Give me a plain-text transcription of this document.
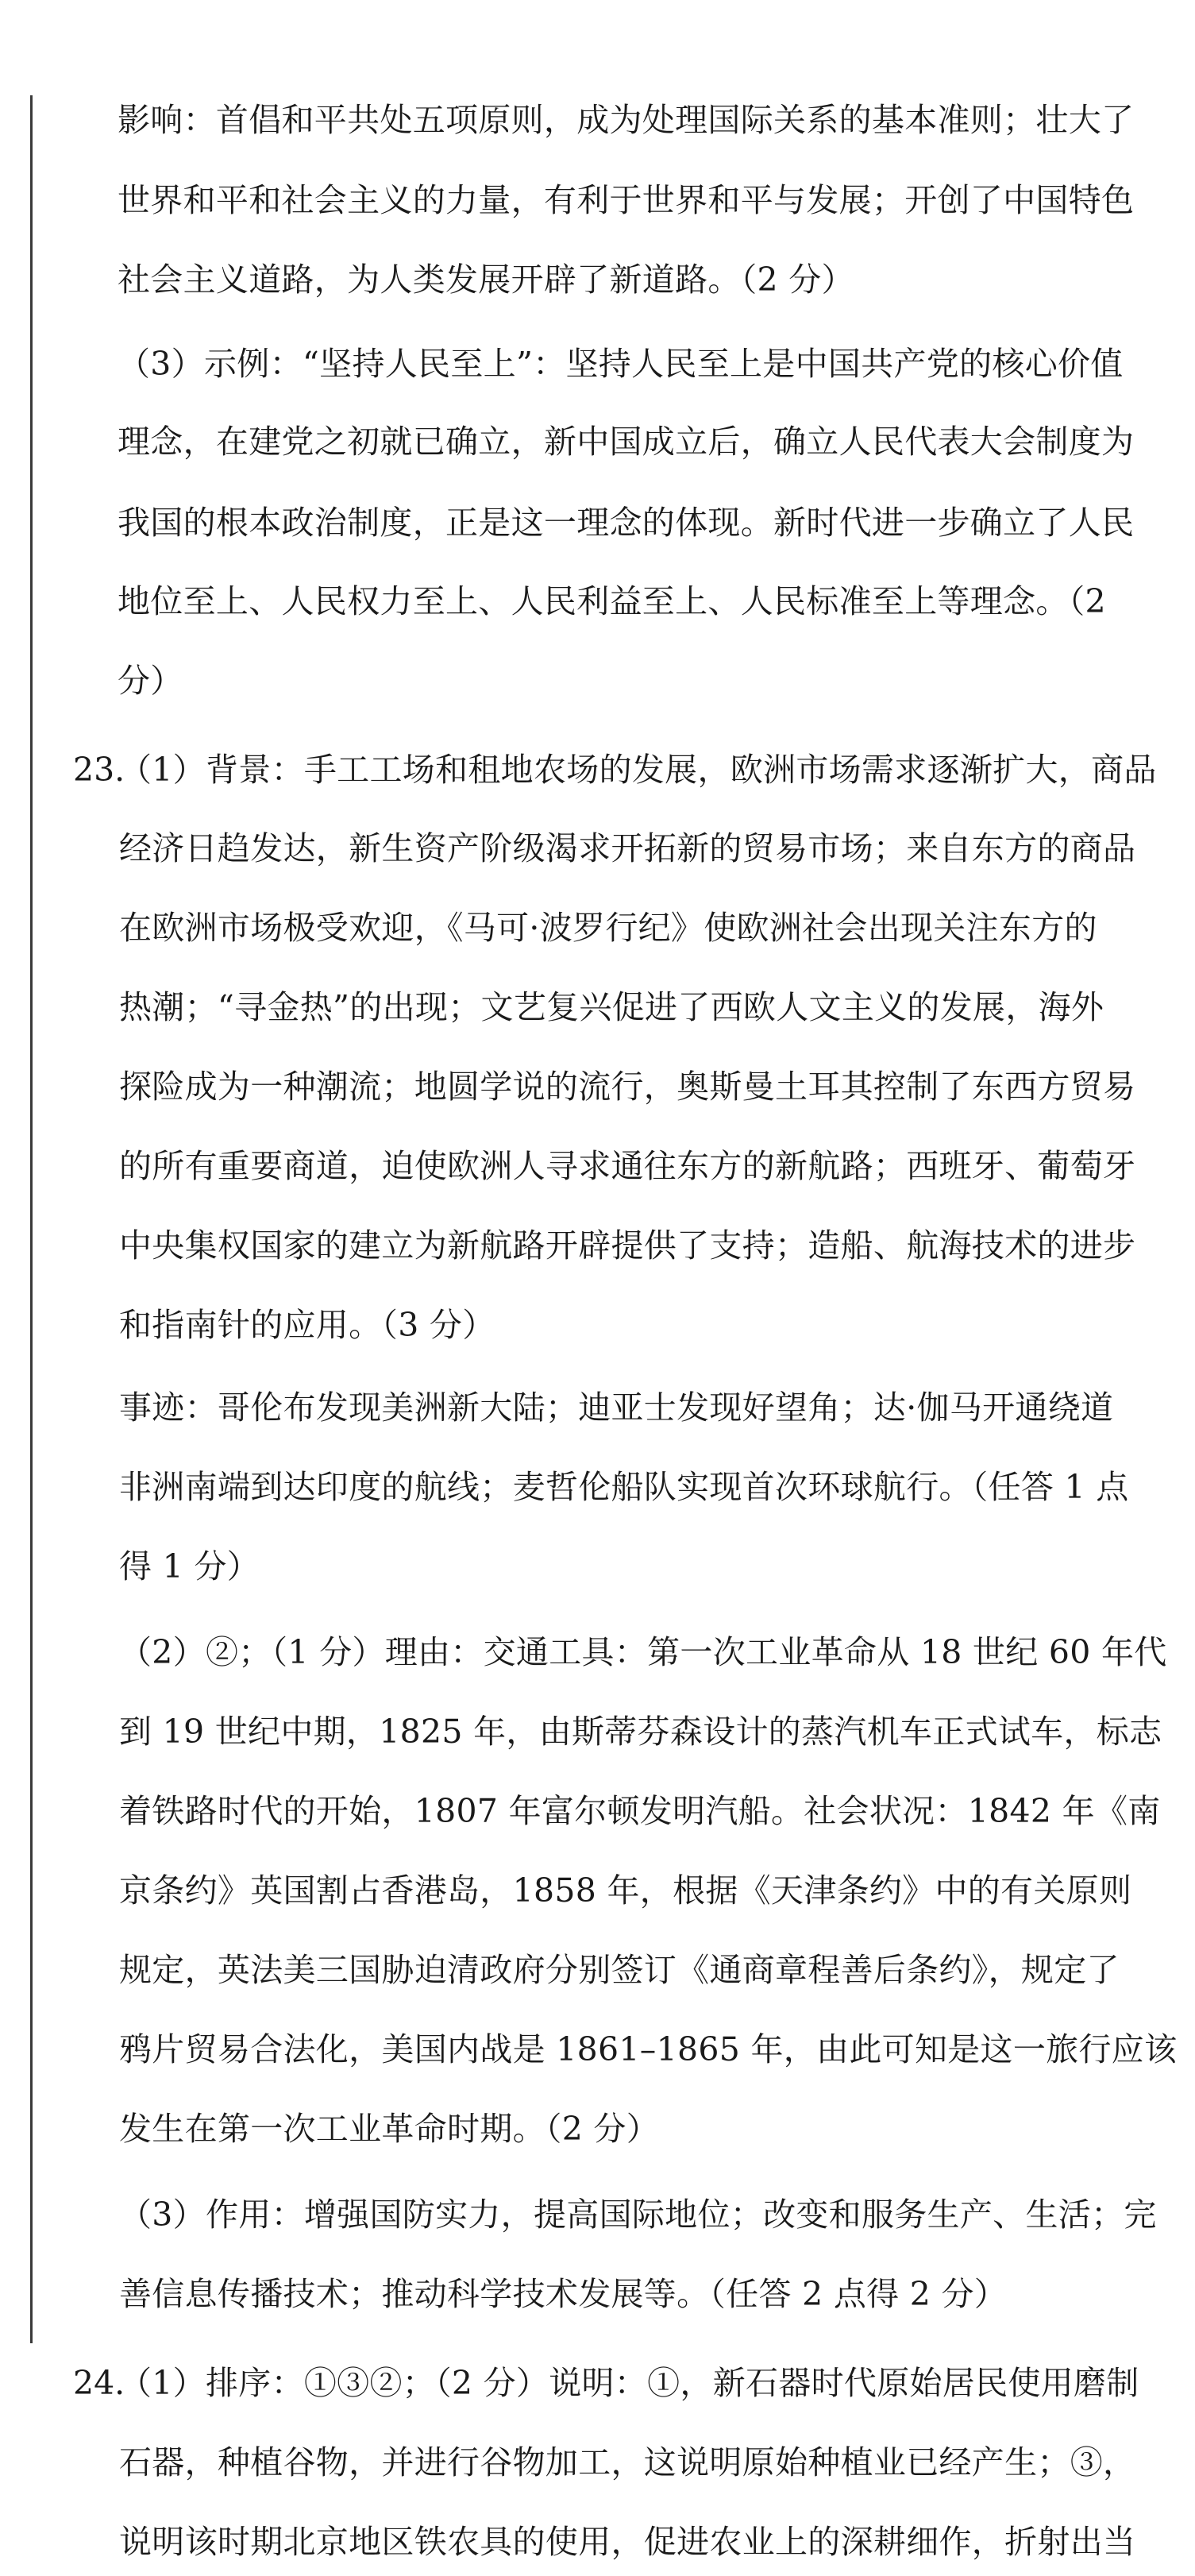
影响：首倡和平共处五项原则，成为处理国际关系的基本准则；壮大了
世界和平和社会主义的力量，有利于世界和平与发展；开创了中国特色
社会主义道路，为人类发展开辟了新道路。（2 分）
（3）示例：“坚持人民至上”：坚持人民至上是中国共产党的核心价值
理念，在建党之初就已确立，新中国成立后，确立人民代表大会制度为
我国的根本政治制度，正是这一理念的体现。新时代进一步确立了人民
地位至上、人民权力至上、人民利益至上、人民标准至上等理念。（2
分）
23.
（1）背景：手工工场和租地农场的发展，欧洲市场需求逐渐扩大，商品
经济日趋发达，新生资产阶级渴求开拓新的贸易市场；来自东方的商品
在欧洲市场极受欢迎，《马可·波罗行纪》使欧洲社会出现关注东方的
热潮；“寻金热”的出现；文艺复兴促进了西欧人文主义的发展，海外
探险成为一种潮流；地圆学说的流行，奥斯曼土耳其控制了东西方贸易
的所有重要商道，迫使欧洲人寻求通往东方的新航路；西班牙、葡萄牙
中央集权国家的建立为新航路开辟提供了支持；造船、航海技术的进步
和指南针的应用。（3 分）
事迹：哥伦布发现美洲新大陆；迪亚士发现好望角；达·伽马开通绕道
非洲南端到达印度的航线；麦哲伦船队实现首次环球航行。（任答 1 点
得 1 分）
（2）②；（1 分）理由：交通工具：第一次工业革命从 18 世纪 60 年代
到 19 世纪中期，1825 年，由斯蒂芬森设计的蒸汽机车正式试车，标志
着铁路时代的开始，1807 年富尔顿发明汽船。社会状况：1842 年《南
京条约》英国割占香港岛，1858 年，根据《天津条约》中的有关原则
规定，英法美三国胁迫清政府分别签订《通商章程善后条约》，规定了
鸦片贸易合法化，美国内战是 1861–1865 年，由此可知是这一旅行应该
发生在第一次工业革命时期。（2 分）
（3）作用：增强国防实力，提高国际地位；改变和服务生产、生活；完
善信息传播技术；推动科学技术发展等。（任答 2 点得 2 分）
24.
（1）排序：①③②；（2 分）说明：①，新石器时代原始居民使用磨制
石器，种植谷物，并进行谷物加工，这说明原始种植业已经产生；③，
说明该时期北京地区铁农具的使用，促进农业上的深耕细作，折射出当
